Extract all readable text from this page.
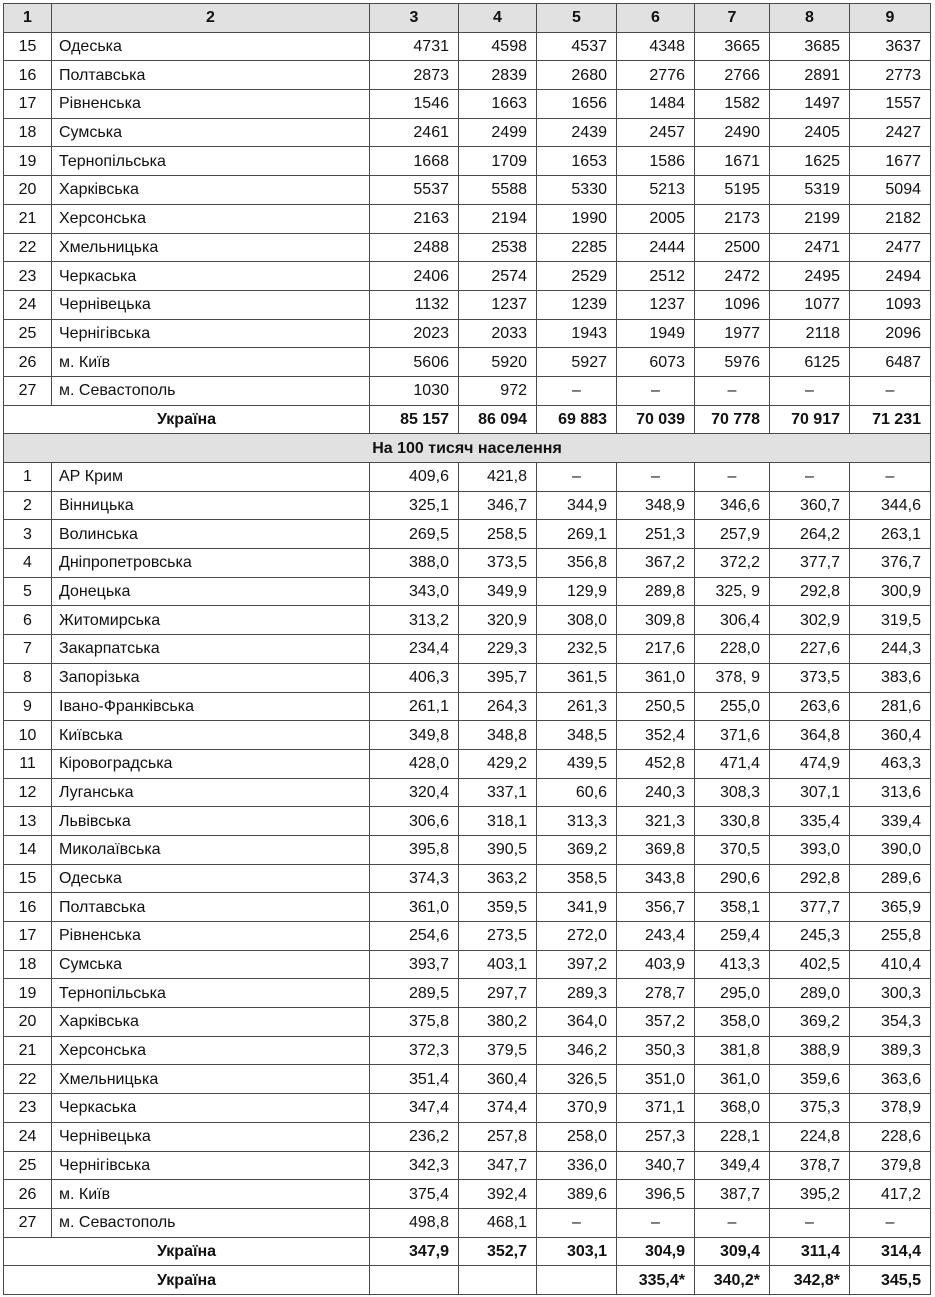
1	2	3	4	5	6	7	8	9
15	Одеська	4731	4598	4537	4348	3665	3685	3637
16	Полтавська	2873	2839	2680	2776	2766	2891	2773
17	Рівненська	1546	1663	1656	1484	1582	1497	1557
18	Сумська	2461	2499	2439	2457	2490	2405	2427
19	Тернопільська	1668	1709	1653	1586	1671	1625	1677
20	Харківська	5537	5588	5330	5213	5195	5319	5094
21	Херсонська	2163	2194	1990	2005	2173	2199	2182
22	Хмельницька	2488	2538	2285	2444	2500	2471	2477
23	Черкаська	2406	2574	2529	2512	2472	2495	2494
24	Чернівецька	1132	1237	1239	1237	1096	1077	1093
25	Чернігівська	2023	2033	1943	1949	1977	2118	2096
26	м. Київ	5606	5920	5927	6073	5976	6125	6487
27	м. Севастополь	1030	972	–	–	–	–	–
Україна		85 157	86 094	69 883	70 039	70 778	70 917	71 231
На 100 тисяч населення								
1	АР Крим	409,6	421,8	–	–	–	–	–
2	Вінницька	325,1	346,7	344,9	348,9	346,6	360,7	344,6
3	Волинська	269,5	258,5	269,1	251,3	257,9	264,2	263,1
4	Дніпропетровська	388,0	373,5	356,8	367,2	372,2	377,7	376,7
5	Донецька	343,0	349,9	129,9	289,8	325, 9	292,8	300,9
6	Житомирська	313,2	320,9	308,0	309,8	306,4	302,9	319,5
7	Закарпатська	234,4	229,3	232,5	217,6	228,0	227,6	244,3
8	Запорізька	406,3	395,7	361,5	361,0	378, 9	373,5	383,6
9	Івано-Франківська	261,1	264,3	261,3	250,5	255,0	263,6	281,6
10	Київська	349,8	348,8	348,5	352,4	371,6	364,8	360,4
11	Кіровоградська	428,0	429,2	439,5	452,8	471,4	474,9	463,3
12	Луганська	320,4	337,1	60,6	240,3	308,3	307,1	313,6
13	Львівська	306,6	318,1	313,3	321,3	330,8	335,4	339,4
14	Миколаївська	395,8	390,5	369,2	369,8	370,5	393,0	390,0
15	Одеська	374,3	363,2	358,5	343,8	290,6	292,8	289,6
16	Полтавська	361,0	359,5	341,9	356,7	358,1	377,7	365,9
17	Рівненська	254,6	273,5	272,0	243,4	259,4	245,3	255,8
18	Сумська	393,7	403,1	397,2	403,9	413,3	402,5	410,4
19	Тернопільська	289,5	297,7	289,3	278,7	295,0	289,0	300,3
20	Харківська	375,8	380,2	364,0	357,2	358,0	369,2	354,3
21	Херсонська	372,3	379,5	346,2	350,3	381,8	388,9	389,3
22	Хмельницька	351,4	360,4	326,5	351,0	361,0	359,6	363,6
23	Черкаська	347,4	374,4	370,9	371,1	368,0	375,3	378,9
24	Чернівецька	236,2	257,8	258,0	257,3	228,1	224,8	228,6
25	Чернігівська	342,3	347,7	336,0	340,7	349,4	378,7	379,8
26	м. Київ	375,4	392,4	389,6	396,5	387,7	395,2	417,2
27	м. Севастополь	498,8	468,1	–	–	–	–	–
Україна		347,9	352,7	303,1	304,9	309,4	311,4	314,4
Україна					335,4*	340,2*	342,8*	345,5
